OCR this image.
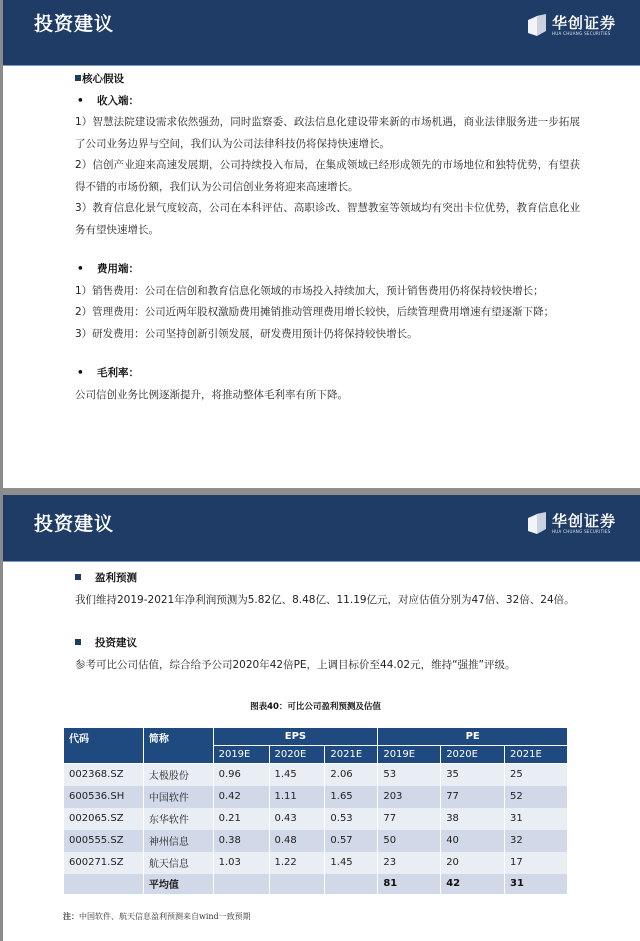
投资建议	华创证券
HUA CHUANG SECURITIES
核心假设
• 收入端：
1）智慧法院建设需求依然强劲，同时监察委、政法信息化建设带来新的市场机遇，商业法律服务进一步拓展了公司业务边界与空间，我们认为公司法律科技仍将保持快速增长。
2）信创产业迎来高速发展期，公司持续投入布局，在集成领域已经形成领先的市场地位和独特优势，有望获得不错的市场份额，我们认为公司信创业务将迎来高速增长。
3）教育信息化景气度较高，公司在本科评估、高职诊改、智慧教室等领域均有突出卡位优势，教育信息化业务有望快速增长。
• 费用端：
1）销售费用：公司在信创和教育信息化领域的市场投入持续加大，预计销售费用仍将保持较快增长；
2）管理费用：公司近两年股权激励费用摊销推动管理费用增长较快，后续管理费用增速有望逐渐下降；
3）研发费用：公司坚持创新引领发展，研发费用预计仍将保持较快增长。
• 毛利率：
公司信创业务比例逐渐提升，将推动整体毛利率有所下降。
投资建议	华创证券
HUA CHUANG SECURITIES
盈利预测
我们维持2019-2021年净利润预测为5.82亿、8.48亿、11.19亿元，对应估值分别为47倍、32倍、24倍。
投资建议
参考可比公司估值，综合给予公司2020年42倍PE，上调目标价至44.02元，维持“强推”评级。
图表40：可比公司盈利预测及估值
代码	简称	EPS			PE		
		2019E	2020E	2021E	2019E	2020E	2021E
002368.SZ	太极股份	0.96	1.45	2.06	53	35	25
600536.SH	中国软件	0.42	1.11	1.65	203	77	52
002065.SZ	东华软件	0.21	0.43	0.53	77	38	31
000555.SZ	神州信息	0.38	0.48	0.57	50	40	32
600271.SZ	航天信息	1.03	1.22	1.45	23	20	17
	平均值				81	42	31
注：中国软件、航天信息盈利预测来自wind一致预期
